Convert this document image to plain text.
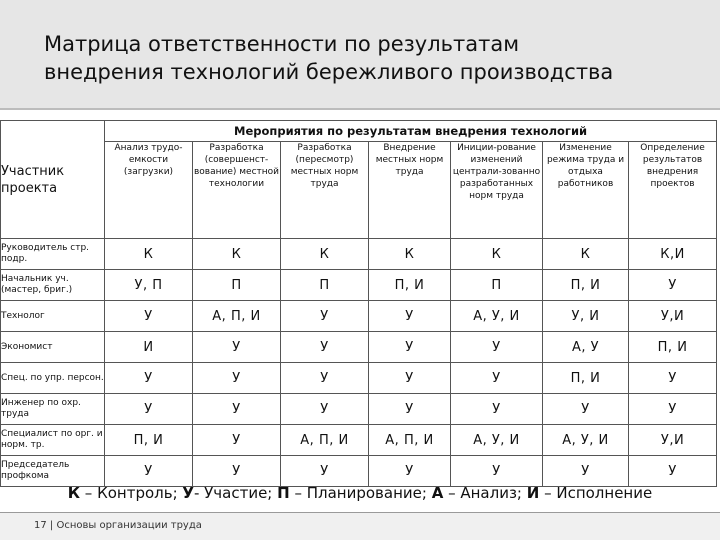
Матрица ответственности по результатам
внедрения технологий бережливого производства
Участник проекта	Мероприятия по результатам внедрения технологий						
	Анализ трудо-емкости (загрузки)	Разработка (совершенст-вование) местной технологии	Разработка (пересмотр) местных норм труда	Внедрение местных норм труда	Иниции-рование изменений централи-зованно разработанных норм труда	Изменение режима труда и отдыха работников	Определение результатов внедрения проектов
Руководитель стр. подр.	К	К	К	К	К	К	К,И
Начальник уч. (мастер, бриг.)	У, П	П	П	П, И	П	П, И	У
Технолог	У	А, П, И	У	У	А, У, И	У, И	У,И
Экономист	И	У	У	У	У	А, У	П, И
Спец. по упр. персон.	У	У	У	У	У	П, И	У
Инженер по охр. труда	У	У	У	У	У	У	У
Специалист по орг. и норм. тр.	П, И	У	А, П, И	А, П, И	А, У, И	А, У, И	У,И
Председатель профкома	У	У	У	У	У	У	У
К – Контроль; У- Участие; П – Планирование; А – Анализ; И – Исполнение
17 | Основы организации труда
